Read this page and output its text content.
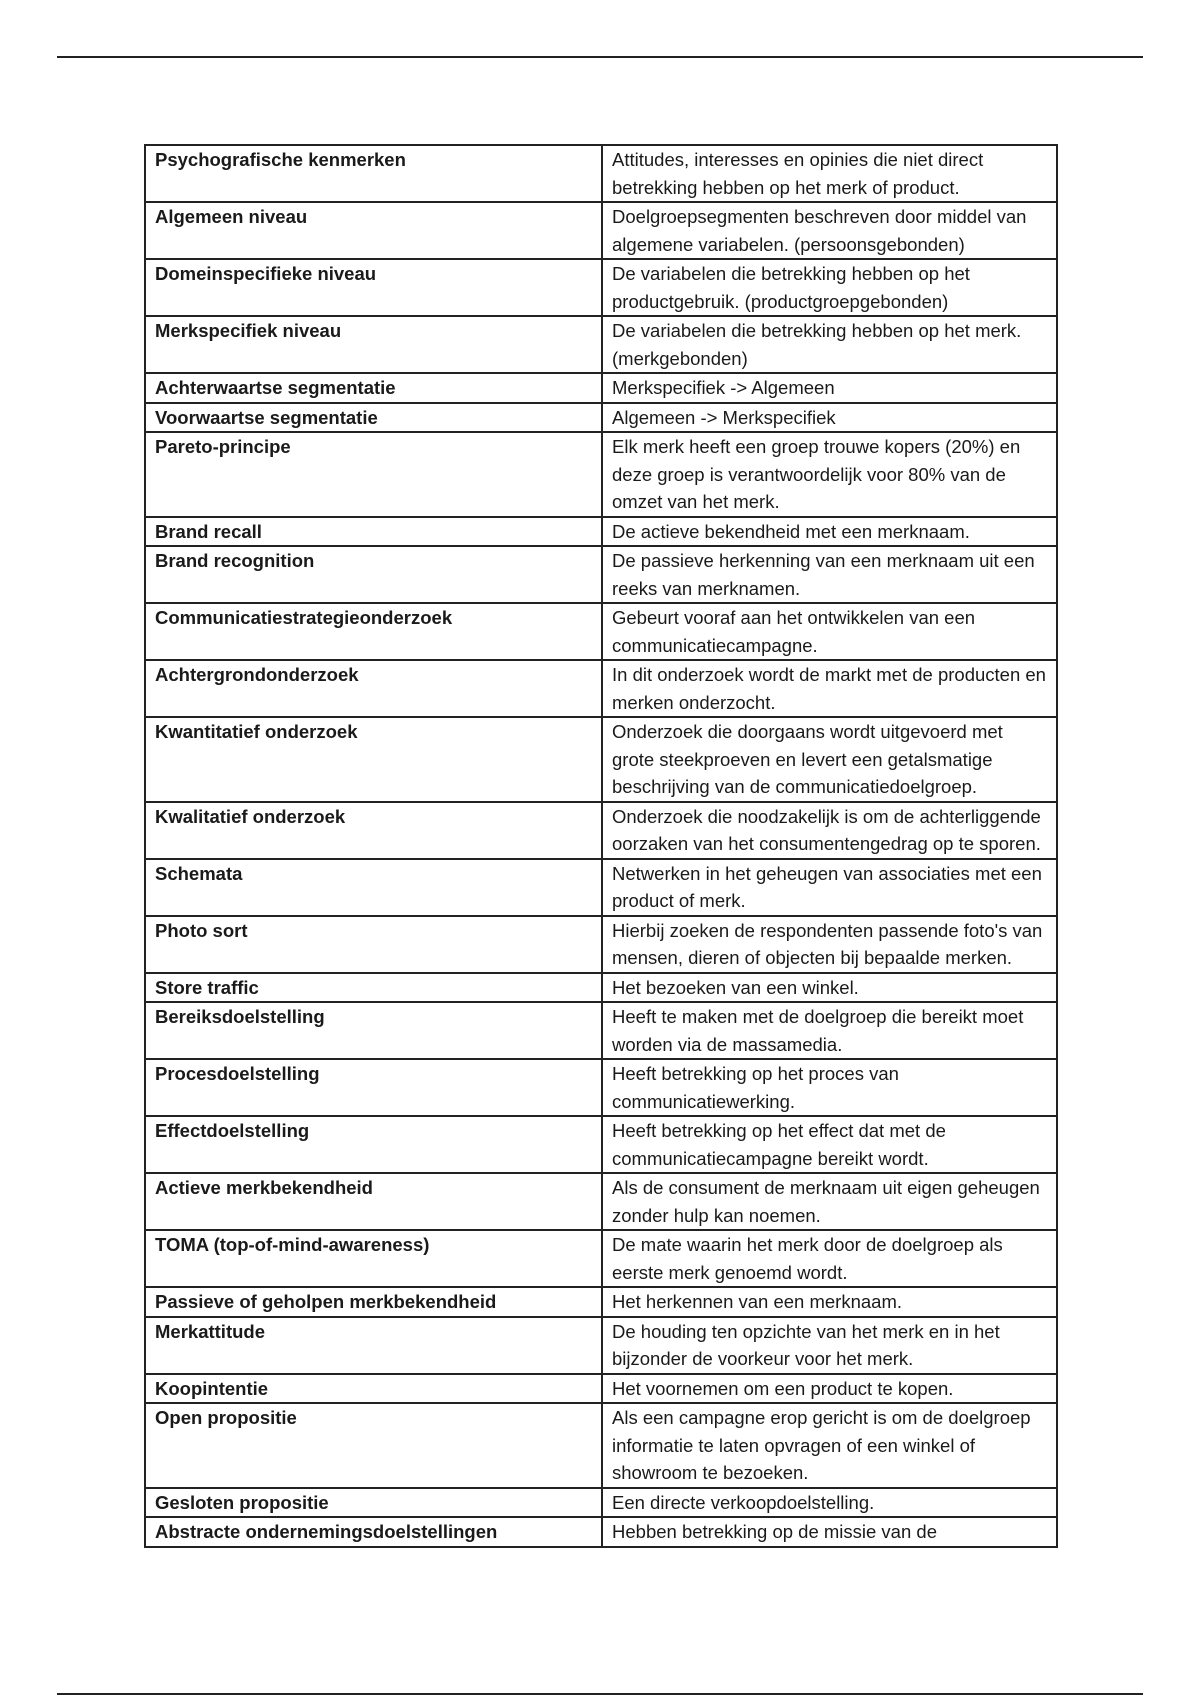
Psychografische kenmerken	Attitudes, interesses en opinies die niet direct betrekking hebben op het merk of product.
Algemeen niveau	Doelgroepsegmenten beschreven door middel van algemene variabelen. (persoonsgebonden)
Domeinspecifieke niveau	De variabelen die betrekking hebben op het productgebruik. (productgroepgebonden)
Merkspecifiek niveau	De variabelen die betrekking hebben op het merk. (merkgebonden)
Achterwaartse segmentatie	Merkspecifiek -> Algemeen
Voorwaartse segmentatie	Algemeen -> Merkspecifiek
Pareto-principe	Elk merk heeft een groep trouwe kopers (20%) en deze groep is verantwoordelijk voor 80% van de omzet van het merk.
Brand recall	De actieve bekendheid met een merknaam.
Brand recognition	De passieve herkenning van een merknaam uit een reeks van merknamen.
Communicatiestrategieonderzoek	Gebeurt vooraf aan het ontwikkelen van een communicatiecampagne.
Achtergrondonderzoek	In dit onderzoek wordt de markt met de producten en merken onderzocht.
Kwantitatief onderzoek	Onderzoek die doorgaans wordt uitgevoerd met grote steekproeven en levert een getalsmatige beschrijving van de communicatiedoelgroep.
Kwalitatief onderzoek	Onderzoek die noodzakelijk is om de achterliggende oorzaken van het consumentengedrag op te sporen.
Schemata	Netwerken in het geheugen van associaties met een product of merk.
Photo sort	Hierbij zoeken de respondenten passende foto's van mensen, dieren of objecten bij bepaalde merken.
Store traffic	Het bezoeken van een winkel.
Bereiksdoelstelling	Heeft te maken met de doelgroep die bereikt moet worden via de massamedia.
Procesdoelstelling	Heeft betrekking op het proces van communicatiewerking.
Effectdoelstelling	Heeft betrekking op het effect dat met de communicatiecampagne bereikt wordt.
Actieve merkbekendheid	Als de consument de merknaam uit eigen geheugen zonder hulp kan noemen.
TOMA (top-of-mind-awareness)	De mate waarin het merk door de doelgroep als eerste merk genoemd wordt.
Passieve of geholpen merkbekendheid	Het herkennen van een merknaam.
Merkattitude	De houding ten opzichte van het merk en in het bijzonder de voorkeur voor het merk.
Koopintentie	Het voornemen om een product te kopen.
Open propositie	Als een campagne erop gericht is om de doelgroep informatie te laten opvragen of een winkel of showroom te bezoeken.
Gesloten propositie	Een directe verkoopdoelstelling.
Abstracte ondernemingsdoelstellingen	Hebben betrekking op de missie van de
